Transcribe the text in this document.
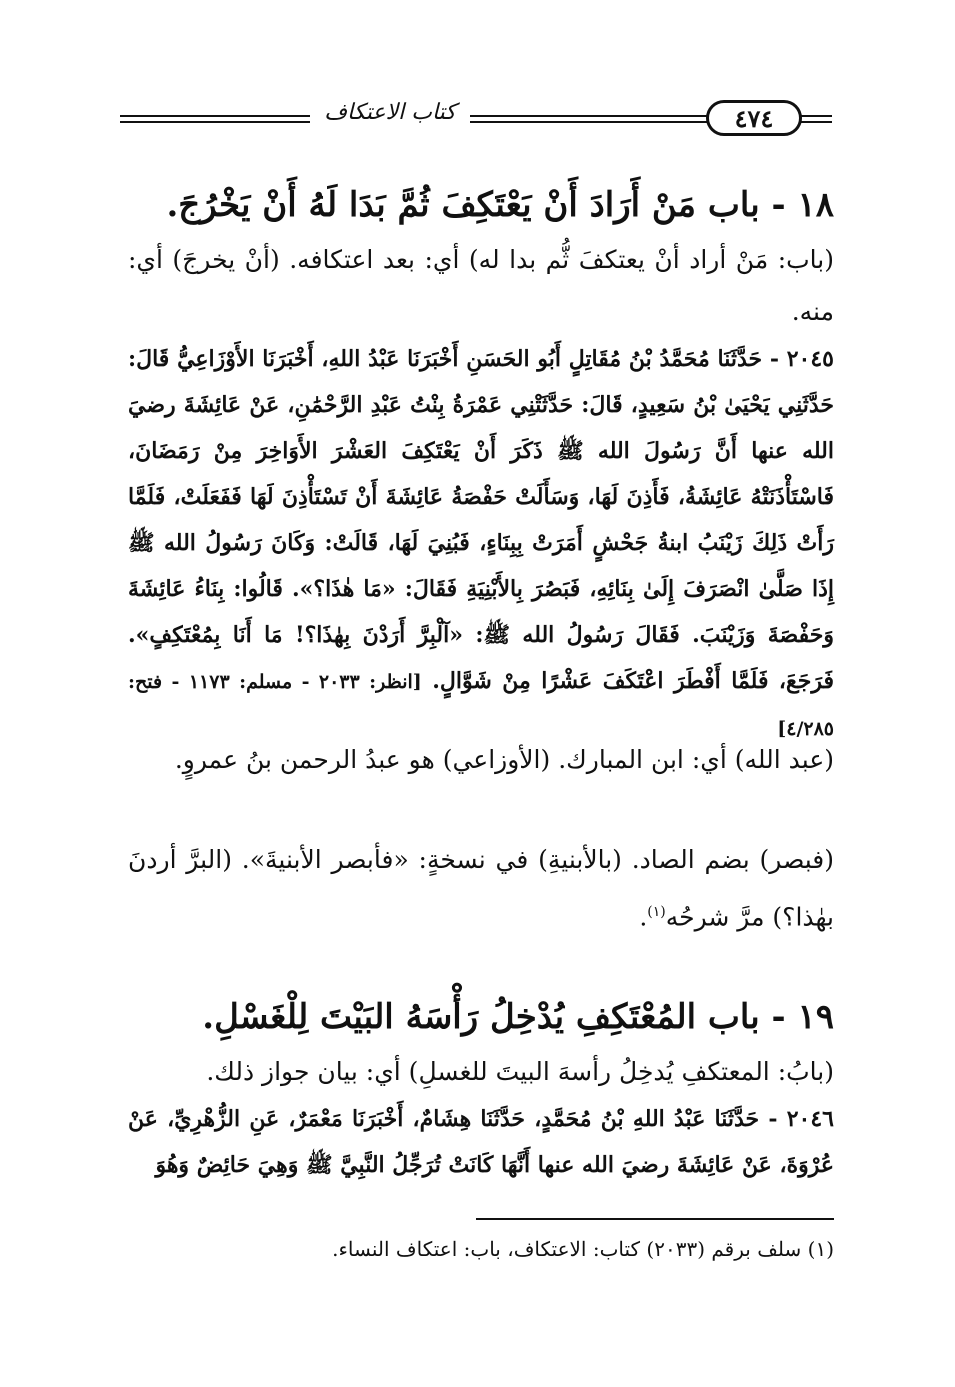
كتاب الاعتكاف	٤٧٤
١٨ - باب مَنْ أَرَادَ أَنْ يَعْتَكِفَ ثُمَّ بَدَا لَهُ أَنْ يَخْرُجَ.
(باب: مَنْ أراد أنْ يعتكفَ ثُّم بدا له) أي: بعد اعتكافه. (أنْ يخرجَ) أي: منه.
٢٠٤٥ - حَدَّثَنَا مُحَمَّدُ بْنُ مُقَاتِلٍ أَبُو الحَسَنِ أَخْبَرَنَا عَبْدُ اللهِ، أَخْبَرَنَا الأَوْزَاعِيُّ قَالَ: حَدَّثَنِي يَحْيَىٰ بْنُ سَعِيدٍ، قَالَ: حَدَّثَتْنِي عَمْرَةُ بِنْتُ عَبْدِ الرَّحْمَٰنِ، عَنْ عَائِشَةَ رضيَ الله عنها أَنَّ رَسُولَ الله ﷺ ذَكَرَ أَنْ يَعْتَكِفَ العَشْرَ الأَوَاخِرَ مِنْ رَمَضَانَ، فَاسْتَأْذَنَتْهُ عَائِشَةُ، فَأَذِنَ لَهَا، وَسَأَلَتْ حَفْصَةُ عَائِشَةَ أَنْ تَسْتَأْذِنَ لَهَا فَفَعَلَتْ، فَلَمَّا رَأَتْ ذَلِكَ زَيْنَبُ ابنةُ جَحْشٍ أَمَرَتْ بِبِنَاءٍ، فَبُنِيَ لَهَا، قَالَتْ: وَكَانَ رَسُولُ الله ﷺ إِذَا صَلَّىٰ انْصَرَفَ إِلَىٰ بِنَائِهِ، فَبَصُرَ بِالأَبْنِيَةِ فَقَالَ: «مَا هٰذَا؟». قَالُوا: بِنَاءُ عَائِشَةَ وَحَفْصَةَ وَزَيْنَبَ. فَقَالَ رَسُولُ الله ﷺ: «آلْبِرَّ أَرَدْنَ بِهٰذَا؟! مَا أَنَا بِمُعْتَكِفٍ». فَرَجَعَ، فَلَمَّا أَفْطَرَ اعْتَكَفَ عَشْرًا مِنْ شَوَّالٍ. [انظر: ٢٠٣٣ - مسلم: ١١٧٣ - فتح: ٤/٢٨٥]
(عبد الله) أي: ابن المبارك. (الأوزاعي) هو عبدُ الرحمن بنُ عمروٍ.
(فبصر) بضم الصاد. (بالأبنيةِ) في نسخةٍ: «فأبصر الأبنيةَ». (البرَّ أردنَ بهٰذا؟) مرَّ شرحُه$^{(١)}$.
١٩ - باب المُعْتَكِفِ يُدْخِلُ رَأْسَهُ البَيْتَ لِلْغَسْلِ.
(بابُ: المعتكفِ يُدخِلُ رأسهَ البيتَ للغسلِ) أي: بيان جواز ذلك.
٢٠٤٦ - حَدَّثَنَا عَبْدُ اللهِ بْنُ مُحَمَّدٍ، حَدَّثَنَا هِشَامٌ، أَخْبَرَنَا مَعْمَرٌ، عَنِ الزُّهْرِيِّ، عَنْ عُرْوَةَ، عَنْ عَائِشَةَ رضيَ الله عنها أَنَّهَا كَانَتْ تُرَجِّلُ النَّبِيَّ ﷺ وَهِيَ حَائِضٌ وَهُوَ
(١) سلف برقم (٢٠٣٣) كتاب: الاعتكاف، باب: اعتكاف النساء.
